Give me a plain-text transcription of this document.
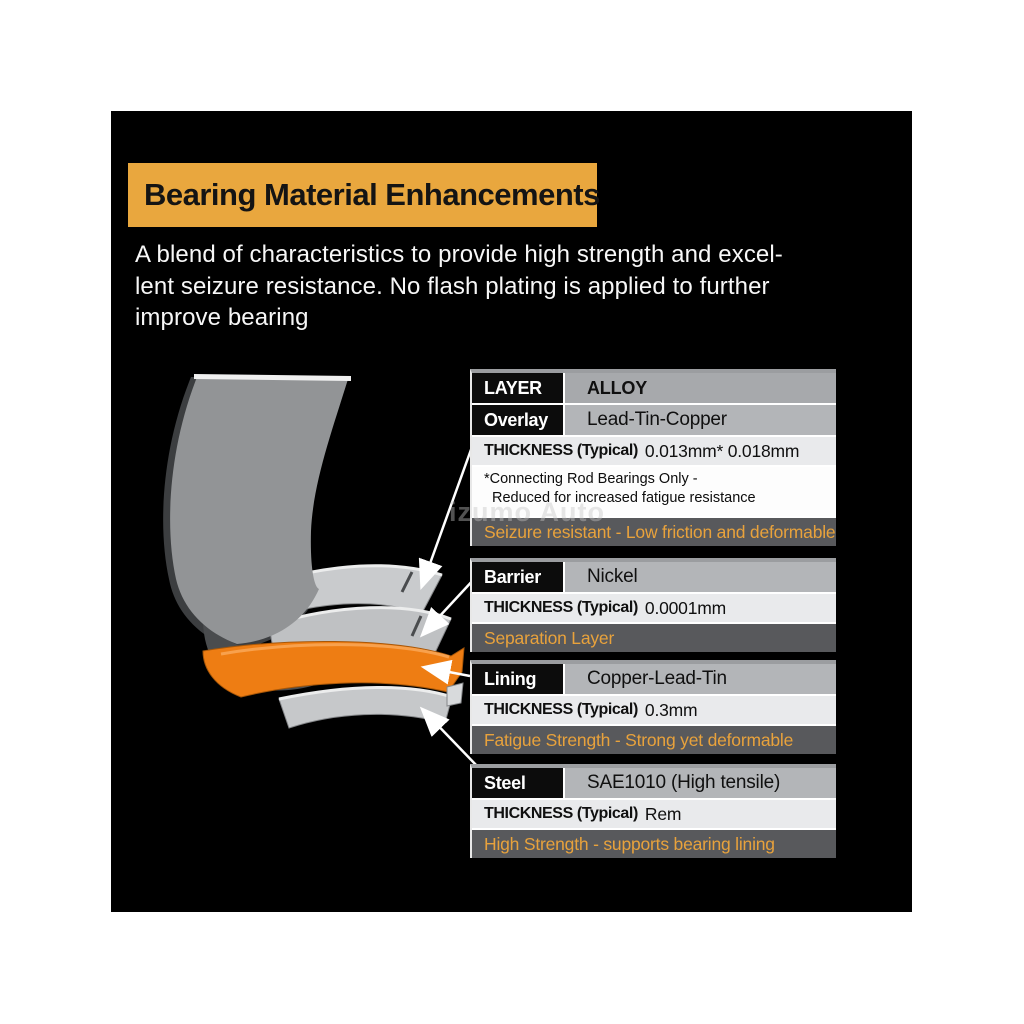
Bearing Material Enhancements
A blend of characteristics to provide high strength and excel-
lent seizure resistance. No flash plating is applied to further
improve bearing
izumo Auto
LAYER	ALLOY
Overlay	Lead-Tin-Copper
THICKNESS (Typical) 0.013mm* 0.018mm
*Connecting Rod Bearings Only -
Reduced for increased fatigue resistance
Seizure resistant - Low friction and deformable
Barrier	Nickel
THICKNESS (Typical) 0.0001mm
Separation Layer
Lining	Copper-Lead-Tin
THICKNESS (Typical) 0.3mm
Fatigue Strength - Strong yet deformable
Steel	SAE1010 (High tensile)
THICKNESS (Typical) Rem
High Strength - supports bearing lining
